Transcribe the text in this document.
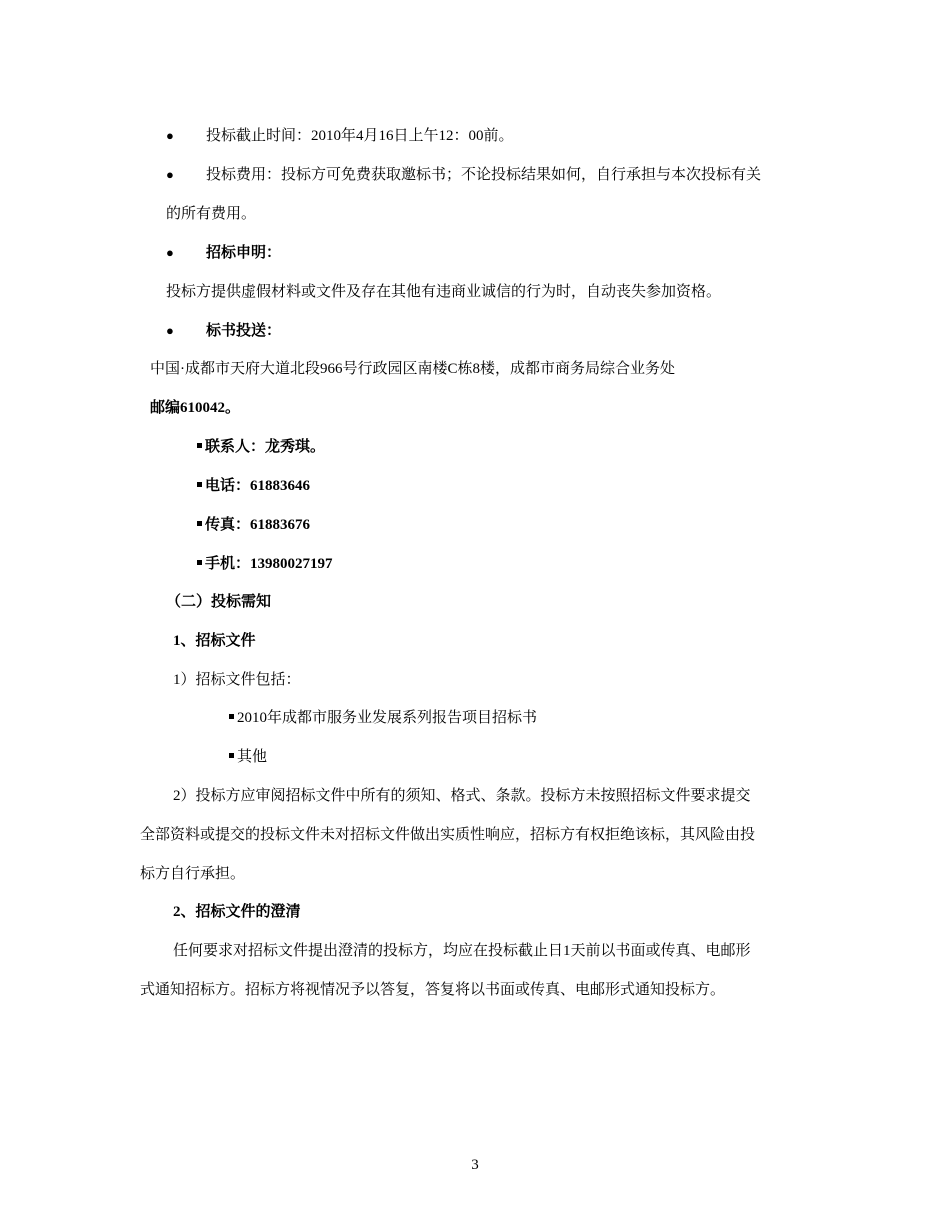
● 投标截止时间：2010年4月16日上午12：00前。
● 投标费用：投标方可免费获取邀标书；不论投标结果如何，自行承担与本次投标有关
的所有费用。
● 招标申明：
投标方提供虚假材料或文件及存在其他有违商业诚信的行为时，自动丧失参加资格。
● 标书投送：
中国·成都市天府大道北段966号行政园区南楼C栋8楼，成都市商务局综合业务处
邮编610042。
联系人：龙秀琪。
电话：61883646
传真：61883676
手机：13980027197
（二）投标需知
1、招标文件
1）招标文件包括：
2010年成都市服务业发展系列报告项目招标书
其他
2）投标方应审阅招标文件中所有的须知、格式、条款。投标方未按照招标文件要求提交
全部资料或提交的投标文件未对招标文件做出实质性响应，招标方有权拒绝该标，其风险由投
标方自行承担。
2、招标文件的澄清
任何要求对招标文件提出澄清的投标方，均应在投标截止日1天前以书面或传真、电邮形
式通知招标方。招标方将视情况予以答复，答复将以书面或传真、电邮形式通知投标方。
3
